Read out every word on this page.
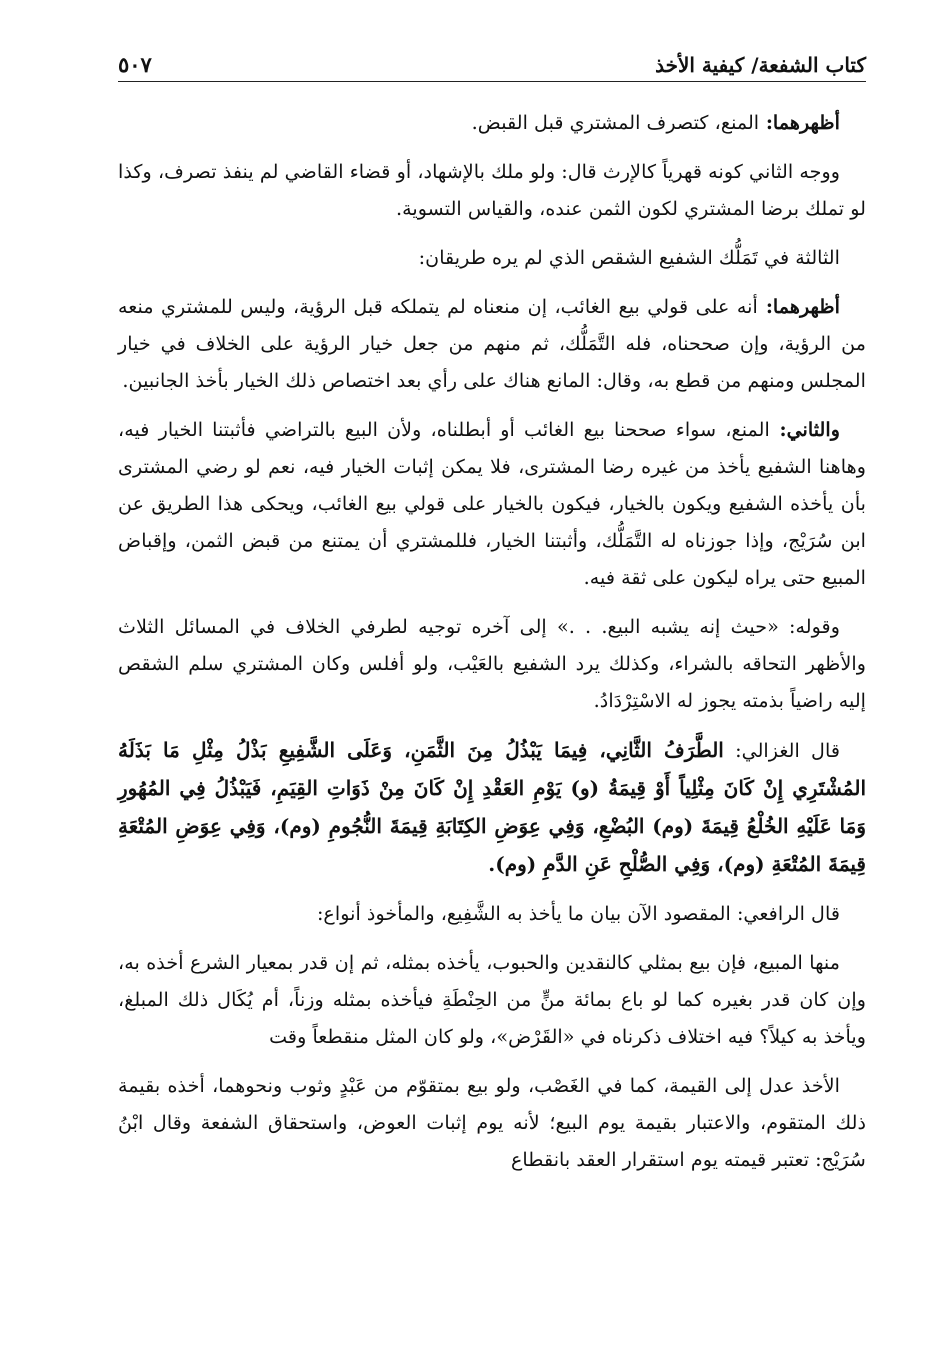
كتاب الشفعة/ كيفية الأخذ
٥٠٧

أظهرهما: المنع، كتصرف المشتري قبل القبض.

ووجه الثاني كونه قهرياً كالإرث قال: ولو ملك بالإشهاد، أو قضاء القاضي لم ينفذ تصرف، وكذا لو تملك برضا المشتري لكون الثمن عنده، والقياس التسوية.

الثالثة في تَمَلُّك الشفيع الشقص الذي لم يره طريقان:

أظهرهما: أنه على قولي بيع الغائب، إن منعناه لم يتملكه قبل الرؤية، وليس للمشتري منعه من الرؤية، وإن صححناه، فله التَّمَلُّك، ثم منهم من جعل خيار الرؤية على الخلاف في خيار المجلس ومنهم من قطع به، وقال: المانع هناك على رأي بعد اختصاص ذلك الخيار بأخذ الجانبين.

والثاني: المنع، سواء صححنا بيع الغائب أو أبطلناه، ولأن البيع بالتراضي فأثبتنا الخيار فيه، وهاهنا الشفيع يأخذ من غيره رضا المشترى، فلا يمكن إثبات الخيار فيه، نعم لو رضي المشترى بأن يأخذه الشفيع ويكون بالخيار، فيكون بالخيار على قولي بيع الغائب، ويحكى هذا الطريق عن ابن سُرَيْج، وإذا جوزناه له التَّمَلُّك، وأثبتنا الخيار، فللمشتري أن يمتنع من قبض الثمن، وإقباض المبيع حتى يراه ليكون على ثقة فيه.

وقوله: «حيث إنه يشبه البيع. . .» إلى آخره توجيه لطرفي الخلاف في المسائل الثلاث والأظهر التحاقه بالشراء، وكذلك يرد الشفيع بالعَيْب، ولو أفلس وكان المشتري سلم الشقص إليه راضياً بذمته يجوز له الاسْتِرْدَادُ.

قال الغزالي: الطَّرَفُ الثَّانِي، فِيمَا يَبْذُلُ مِنَ الثَّمَنِ، وَعَلَى الشَّفِيعِ بَذْلُ مِثْلِ مَا بَذَلَهُ المُشْتَرِي إِنْ كَانَ مِثْلِياً أَوْ قِيمَةُ (و) يَوْمِ العَقْدِ إِنْ كَانَ مِنْ ذَوَاتِ القِيَمِ، فَيَبْذُلُ فِي المُهُورِ وَمَا عَلَيْهِ الخُلْعُ قِيمَةَ (وم) البُضْعِ، وَفِي عِوَضِ الكِتَابَةِ قِيمَةَ النُّجُومِ (وم)، وَفِي عِوَضِ المُتْعَةِ قِيمَةَ المُتْعَةِ (وم)، وَفِي الصُّلْحِ عَنِ الدَّمِ (وم).

قال الرافعي: المقصود الآن بيان ما يأخذ به الشَّفِيع، والمأخوذ أنواع:

منها المبيع، فإن بيع بمثلي كالنقدين والحبوب، يأخذه بمثله، ثم إن قدر بمعيار الشرع أخذه به، وإن كان قدر بغيره كما لو باع بمائة منٍّ من الحِنْطَةِ فيأخذه بمثله وزناً، أم يُكَال ذلك المبلغ، ويأخذ به كيلاً؟ فيه اختلاف ذكرناه في «القَرْض»، ولو كان المثل منقطعاً وقت

الأخذ عدل إلى القيمة، كما في الغَصْب، ولو بيع بمتقوّم من عَبْدٍ وثوب ونحوهما، أخذه بقيمة ذلك المتقوم، والاعتبار بقيمة يوم البيع؛ لأنه يوم إثبات العوض، واستحقاق الشفعة وقال ابْنُ سُرَيْج: تعتبر قيمته يوم استقرار العقد بانقطاع
